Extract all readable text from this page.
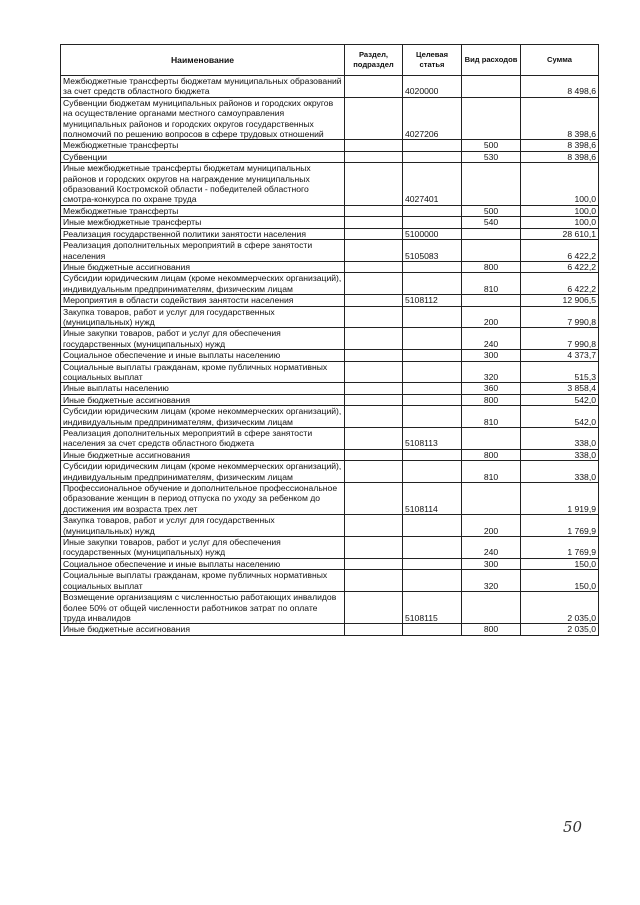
Наименование	Раздел, подраздел	Целевая статья	Вид расходов	Сумма
Межбюджетные трансферты бюджетам муниципальных образований за счет средств областного бюджета		4020000		8 498,6
Субвенции бюджетам муниципальных районов и городских округов на осуществление органами местного самоуправления муниципальных районов и городских округов государственных полномочий по решению вопросов в сфере трудовых отношений		4027206		8 398,6
Межбюджетные трансферты			500	8 398,6
Субвенции			530	8 398,6
Иные межбюджетные трансферты бюджетам муниципальных районов и городских округов на награждение муниципальных образований Костромской области - победителей областного смотра-конкурса по охране труда		4027401		100,0
Межбюджетные трансферты			500	100,0
Иные межбюджетные трансферты			540	100,0
Реализация государственной политики занятости населения		5100000		28 610,1
Реализация дополнительных мероприятий в сфере занятости населения		5105083		6 422,2
Иные бюджетные ассигнования			800	6 422,2
Субсидии юридическим лицам (кроме некоммерческих организаций), индивидуальным предпринимателям, физическим лицам			810	6 422,2
Мероприятия в области содействия занятости населения		5108112		12 906,5
Закупка товаров, работ и услуг для государственных (муниципальных) нужд			200	7 990,8
Иные закупки товаров, работ и услуг для обеспечения государственных (муниципальных) нужд			240	7 990,8
Социальное обеспечение и иные выплаты населению			300	4 373,7
Социальные выплаты гражданам, кроме публичных нормативных социальных выплат			320	515,3
Иные выплаты населению			360	3 858,4
Иные бюджетные ассигнования			800	542,0
Субсидии юридическим лицам (кроме некоммерческих организаций), индивидуальным предпринимателям, физическим лицам			810	542,0
Реализация дополнительных мероприятий в сфере занятости населения за счет средств областного бюджета		5108113		338,0
Иные бюджетные ассигнования			800	338,0
Субсидии юридическим лицам (кроме некоммерческих организаций), индивидуальным предпринимателям, физическим лицам			810	338,0
Профессиональное обучение и дополнительное профессиональное образование женщин в период отпуска по уходу за ребенком до достижения им возраста трех лет		5108114		1 919,9
Закупка товаров, работ и услуг для государственных (муниципальных) нужд			200	1 769,9
Иные закупки товаров, работ и услуг для обеспечения государственных (муниципальных) нужд			240	1 769,9
Социальное обеспечение и иные выплаты населению			300	150,0
Социальные выплаты гражданам, кроме публичных нормативных социальных выплат			320	150,0
Возмещение организациям с численностью работающих инвалидов более 50% от общей численности работников затрат по оплате труда инвалидов		5108115		2 035,0
Иные бюджетные ассигнования			800	2 035,0
50
